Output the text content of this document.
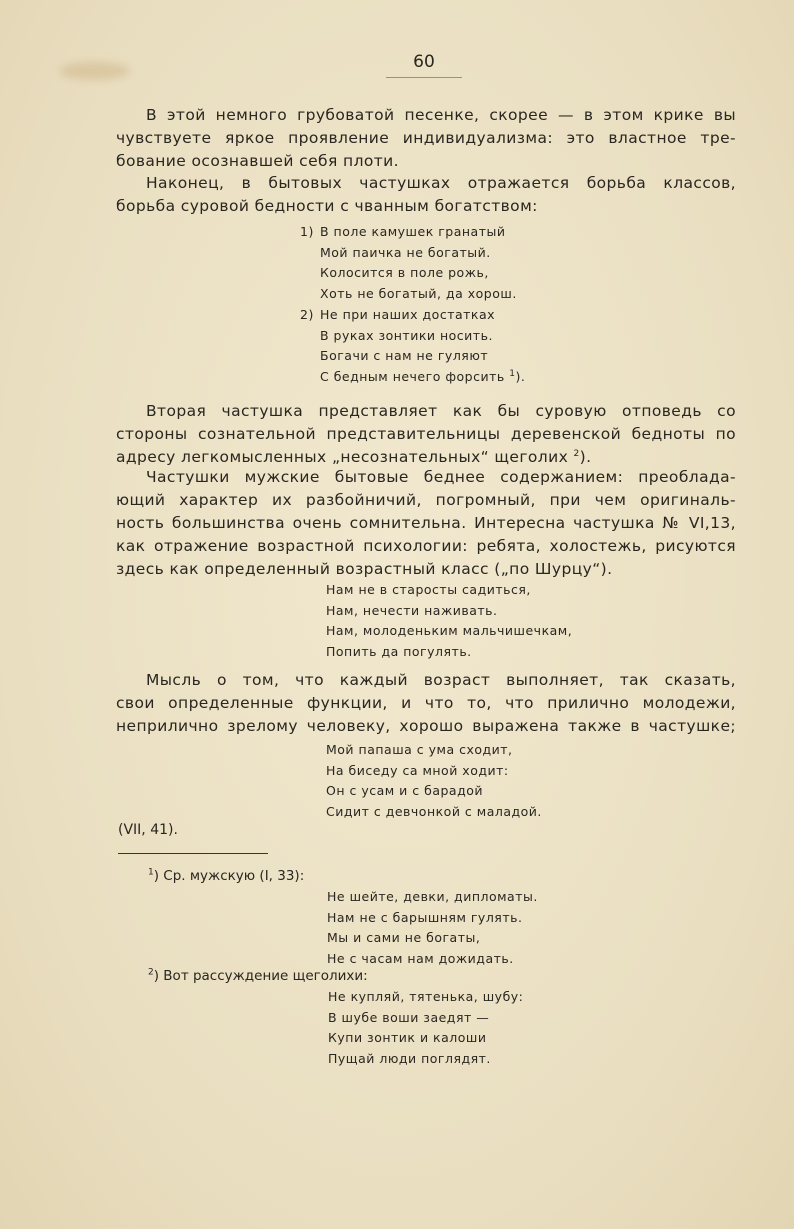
60
В этой немного грубоватой песенке, скорее — в этом крике вы
чувствуете яркое проявление индивидуализма: это властное тре-
бование осознавшей себя плоти.
Наконец, в бытовых частушках отражается борьба классов,
борьба суровой бедности с чванным богатством:
1) В поле камушек гранатый
Мой паичка не богатый.
Колосится в поле рожь,
Хоть не богатый, да хорош.
2) Не при наших достатках
В руках зонтики носить.
Богачи с нам не гуляют
С бедным нечего форсить $^1$).
Вторая частушка представляет как бы суровую отповедь со
стороны сознательной представительницы деревенской бедноты по
адресу легкомысленных „несознательных“ щеголих $^2$).
Частушки мужские бытовые беднее содержанием: преоблада-
ющий характер их разбойничий, погромный, при чем оригиналь-
ность большинства очень сомнительна. Интересна частушка № VI,13,
как отражение возрастной психологии: ребята, холостежь, рисуются
здесь как определенный возрастный класс („по Шурцу“).
Нам не в старосты садиться,
Нам, нечести наживать.
Нам, молоденьким мальчишечкам,
Попить да погулять.
Мысль о том, что каждый возраст выполняет, так сказать,
свои определенные функции, и что то, что прилично молодежи,
неприлично зрелому человеку, хорошо выражена также в частушке;
Мой папаша с ума сходит,
На биседу са мной ходит:
Он с усам и с барадой
Сидит с девчонкой с маладой.
(VII, 41).
$^1$) Ср. мужскую (I, 33):
Не шейте, девки, дипломаты.
Нам не с барышням гулять.
Мы и сами не богаты,
Не с часам нам дожидать.
$^2$) Вот рассуждение щеголихи:
Не купляй, тятенька, шубу:
В шубе воши заедят —
Купи зонтик и калоши
Пущай люди поглядят.
